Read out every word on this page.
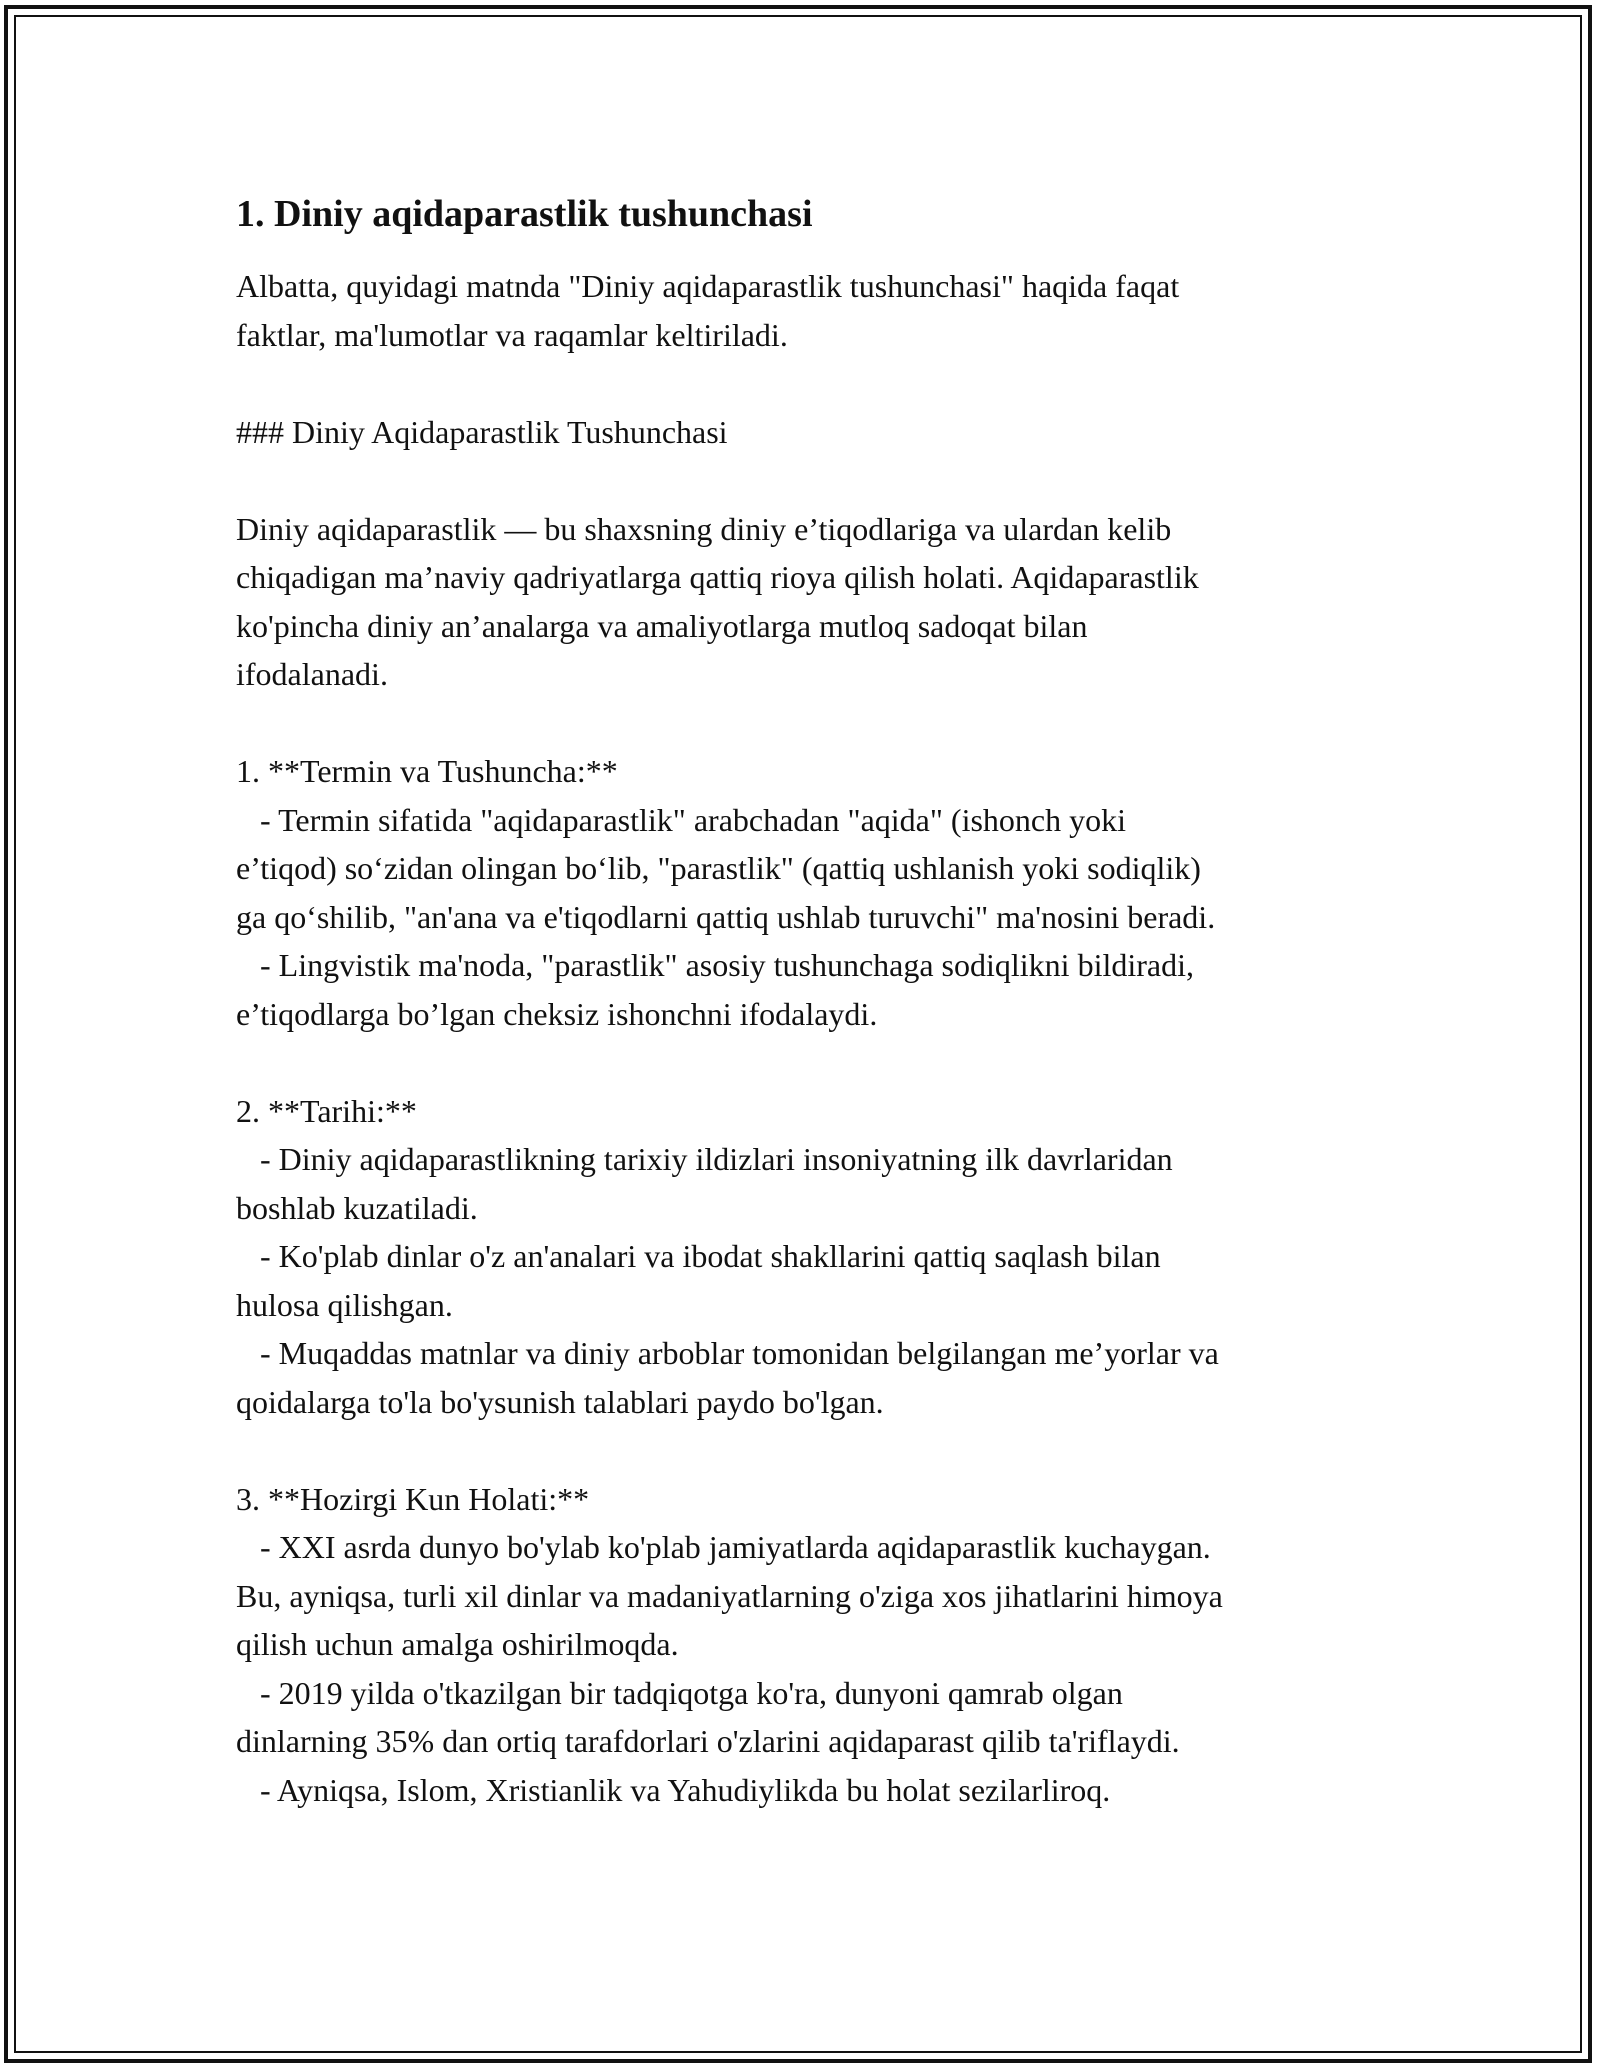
1. Diniy aqidaparastlik tushunchasi

Albatta, quyidagi matnda "Diniy aqidaparastlik tushunchasi" haqida faqat

faktlar, ma'lumotlar va raqamlar keltiriladi.

### Diniy Aqidaparastlik Tushunchasi

Diniy aqidaparastlik — bu shaxsning diniy e’tiqodlariga va ulardan kelib

chiqadigan ma’naviy qadriyatlarga qattiq rioya qilish holati. Aqidaparastlik

ko'pincha diniy an’analarga va amaliyotlarga mutloq sadoqat bilan

ifodalanadi.

1. **Termin va Tushuncha:**

- Termin sifatida "aqidaparastlik" arabchadan "aqida" (ishonch yoki

e’tiqod) so‘zidan olingan bo‘lib, "parastlik" (qattiq ushlanish yoki sodiqlik)

ga qo‘shilib, "an'ana va e'tiqodlarni qattiq ushlab turuvchi" ma'nosini beradi.

- Lingvistik ma'noda, "parastlik" asosiy tushunchaga sodiqlikni bildiradi,

e’tiqodlarga bo’lgan cheksiz ishonchni ifodalaydi.

2. **Tarihi:**

- Diniy aqidaparastlikning tarixiy ildizlari insoniyatning ilk davrlaridan

boshlab kuzatiladi.

- Ko'plab dinlar o'z an'analari va ibodat shakllarini qattiq saqlash bilan

hulosa qilishgan.

- Muqaddas matnlar va diniy arboblar tomonidan belgilangan me’yorlar va

qoidalarga to'la bo'ysunish talablari paydo bo'lgan.

3. **Hozirgi Kun Holati:**

- XXI asrda dunyo bo'ylab ko'plab jamiyatlarda aqidaparastlik kuchaygan.

Bu, ayniqsa, turli xil dinlar va madaniyatlarning o'ziga xos jihatlarini himoya

qilish uchun amalga oshirilmoqda.

- 2019 yilda o'tkazilgan bir tadqiqotga ko'ra, dunyoni qamrab olgan

dinlarning 35% dan ortiq tarafdorlari o'zlarini aqidaparast qilib ta'riflaydi.

- Ayniqsa, Islom, Xristianlik va Yahudiylikda bu holat sezilarliroq.
